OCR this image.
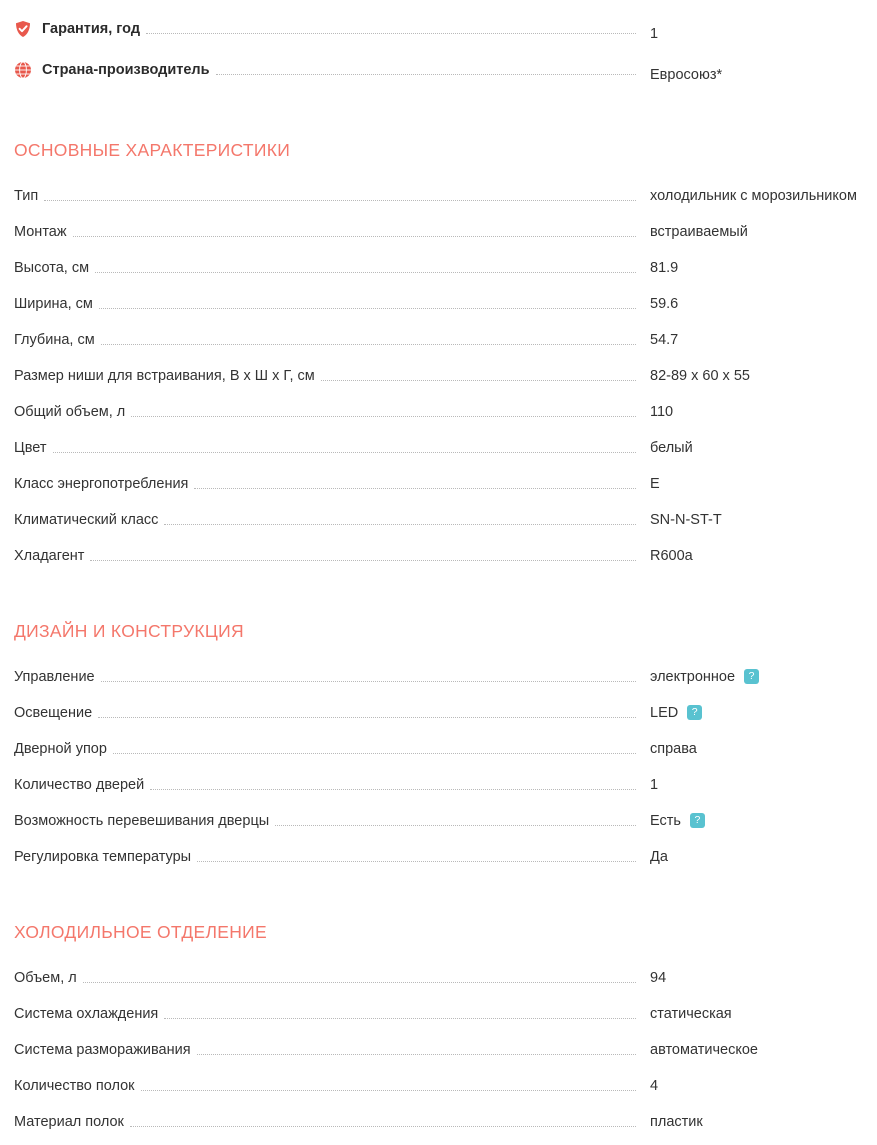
Гарантия, год	1
Страна-производитель	Евросоюз*
ОСНОВНЫЕ ХАРАКТЕРИСТИКИ
Тип	холодильник с морозильником
Монтаж	встраиваемый
Высота, см	81.9
Ширина, см	59.6
Глубина, см	54.7
Размер ниши для встраивания, В х Ш х Г, см	82-89 x 60 x 55
Общий объем, л	110
Цвет	белый
Класс энергопотребления	E
Климатический класс	SN-N-ST-T
Хладагент	R600a
ДИЗАЙН И КОНСТРУКЦИЯ
Управление	электронное	?
Освещение	LED	?
Дверной упор	справа
Количество дверей	1
Возможность перевешивания дверцы	Есть	?
Регулировка температуры	Да
ХОЛОДИЛЬНОЕ ОТДЕЛЕНИЕ
Объем, л	94
Система охлаждения	статическая
Система разморaживания	автоматическое
Количество полок	4
Материал полок	пластик
